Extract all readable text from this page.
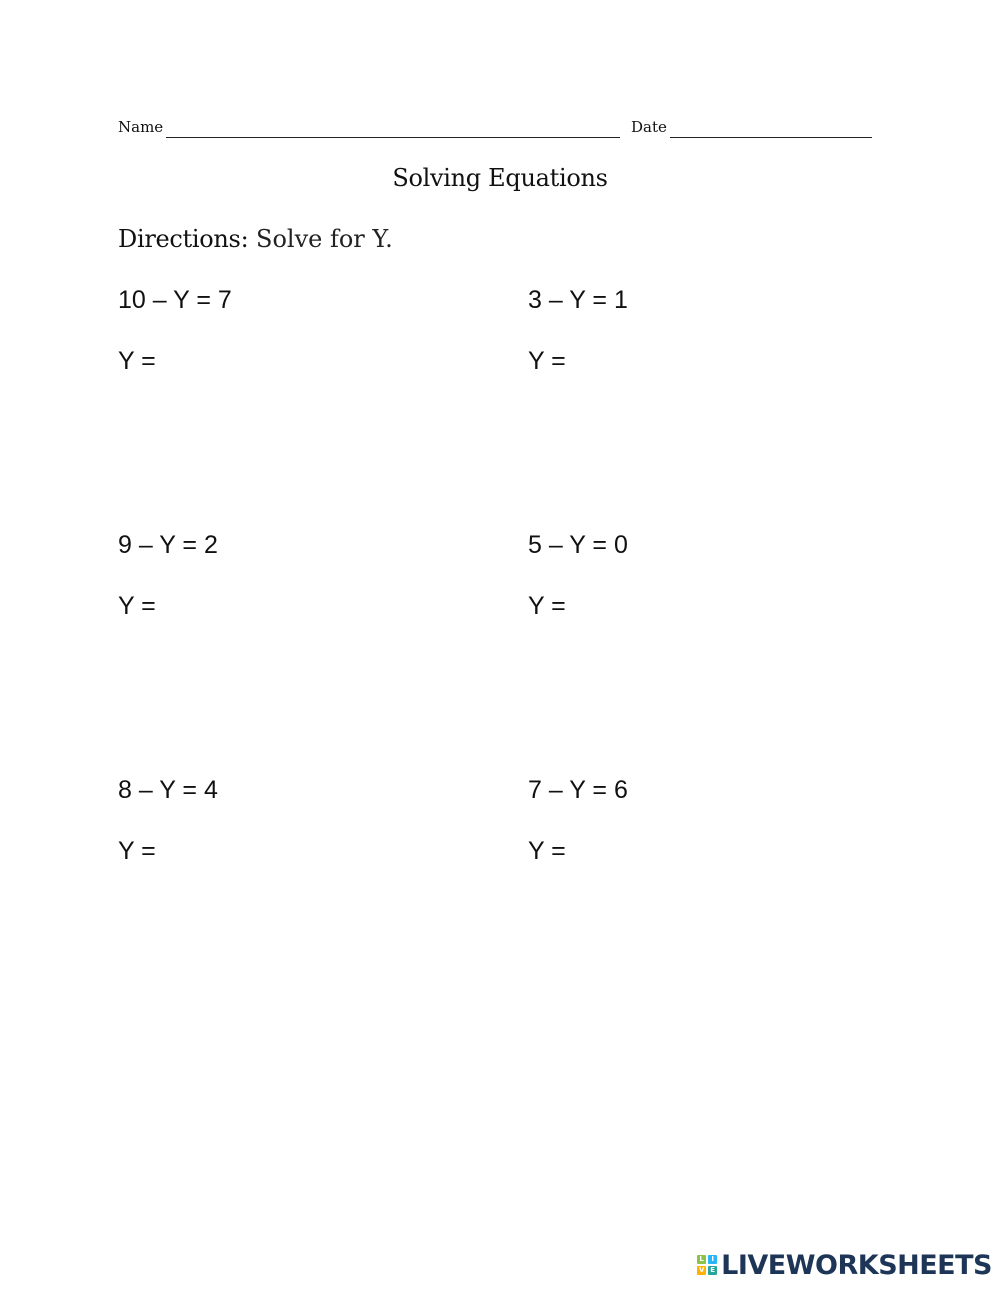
Name	Date
Solving Equations
Directions: Solve for Y.
10 – Y = 7
Y =
3 – Y = 1
Y =
9 – Y = 2
Y =
5 – Y = 0
Y =
8 – Y = 4
Y =
7 – Y = 6
Y =
L	I
V E LIVEWORKSHEETS
